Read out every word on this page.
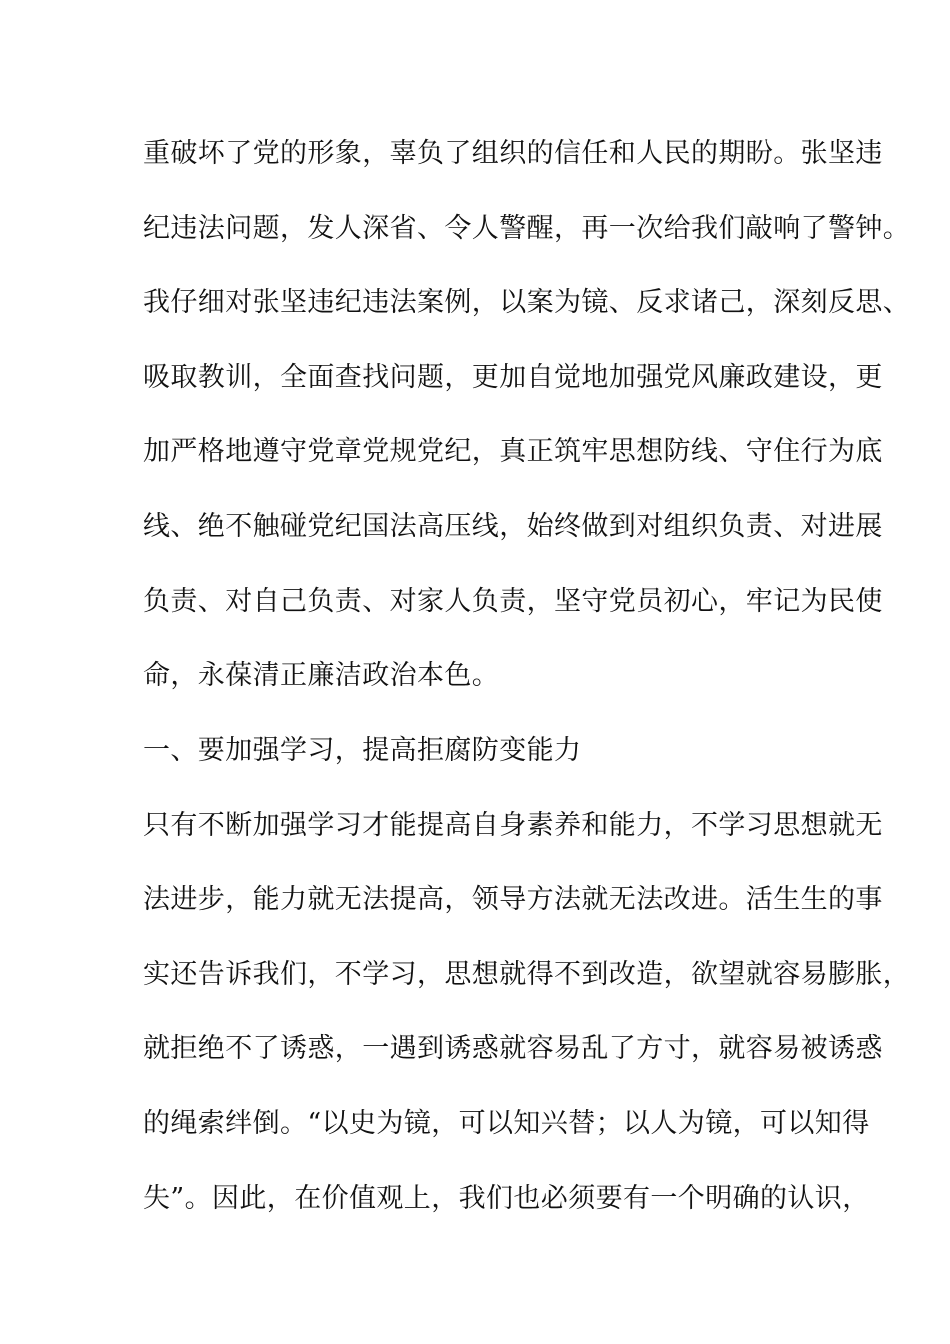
重破坏了党的形象，辜负了组织的信任和人民的期盼。张坚违
纪违法问题，发人深省、令人警醒，再一次给我们敲响了警钟。
我仔细对张坚违纪违法案例，以案为镜、反求诸己，深刻反思、
吸取教训，全面查找问题，更加自觉地加强党风廉政建设，更
加严格地遵守党章党规党纪，真正筑牢思想防线、守住行为底
线、绝不触碰党纪国法高压线，始终做到对组织负责、对进展
负责、对自己负责、对家人负责，坚守党员初心，牢记为民使
命，永葆清正廉洁政治本色。
一、要加强学习，提高拒腐防变能力
只有不断加强学习才能提高自身素养和能力，不学习思想就无
法进步，能力就无法提高，领导方法就无法改进。活生生的事
实还告诉我们，不学习，思想就得不到改造，欲望就容易膨胀，
就拒绝不了诱惑，一遇到诱惑就容易乱了方寸，就容易被诱惑
的绳索绊倒。“以史为镜，可以知兴替；以人为镜，可以知得
失”。因此，在价值观上，我们也必须要有一个明确的认识，
